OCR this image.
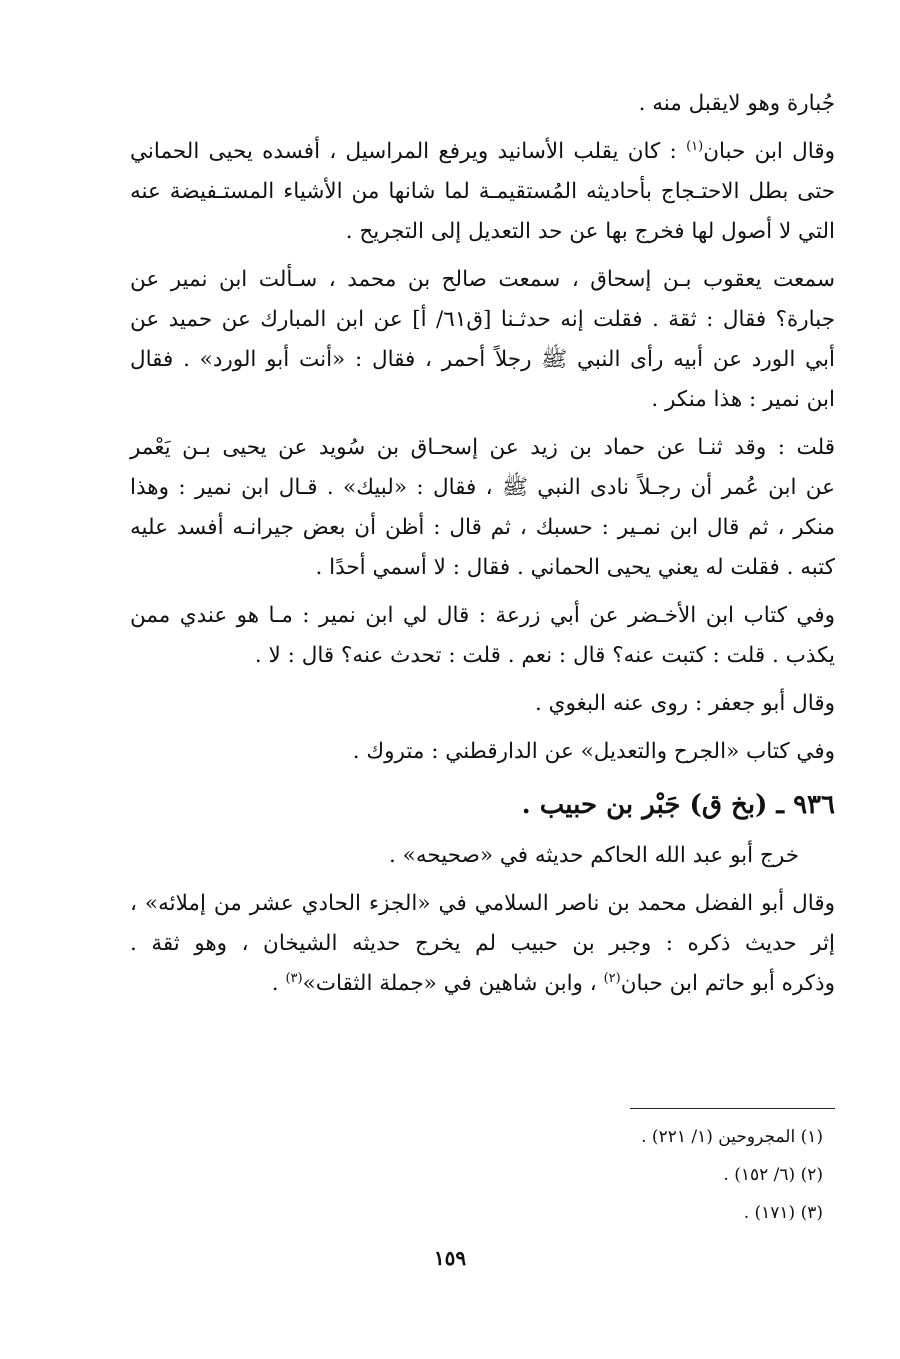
جُبارة وهو لايقبل منه .

وقال ابن حبان$^{(١)}$ : كان يقلب الأسانيد ويرفع المراسيل ، أفسده يحيى الحماني
حتى بطل الاحتـجاج بأحاديثه المُستقيمـة لما شانها من الأشياء المستـفيضة عنه
التي لا أصول لها فخرج بها عن حد التعديل إلى التجريح .

سمعت يعقوب بـن إسحاق ، سمعت صالح بن محمد ، سـألت ابن نمير عن
جبارة؟ فقال : ثقة . فقلت إنه حدثـنا [ق٦١/ أ] عن ابن المبارك عن حميد عن
أبي الورد عن أبيه رأى النبي ﷺ رجلاً أحمر ، فقال : «أنت أبو الورد» . فقال
ابن نمير : هذا منكر .

قلت : وقد ثنـا عن حماد بن زيد عن إسحـاق بن سُويد عن يحيى بـن يَعْمر
عن ابن عُمر أن رجـلاً نادى النبي ﷺ ، فقال : «لبيك» . قـال ابن نمير : وهذا
منكر ، ثم قال ابن نمـير : حسبك ، ثم قال : أظن أن بعض جيرانـه أفسد عليه
كتبه . فقلت له يعني يحيى الحماني . فقال : لا أسمي أحدًا .

وفي كتاب ابن الأخـضر عن أبي زرعة : قال لي ابن نمير : مـا هو عندي ممن
يكذب . قلت : كتبت عنه؟ قال : نعم . قلت : تحدث عنه؟ قال : لا .

وقال أبو جعفر : روى عنه البغوي .

وفي كتاب «الجرح والتعديل» عن الدارقطني : متروك .

٩٣٦ ـ (بخ ق) جَبْر بن حبيب .

خرج أبو عبد الله الحاكم حديثه في «صحيحه» .

وقال أبو الفضل محمد بن ناصر السلامي في «الجزء الحادي عشر من إملائه» ،
إثر حديث ذكره : وجبر بن حبيب لم يخرج حديثه الشيخان ، وهو ثقة .
وذكره أبو حاتم ابن حبان$^{(٢)}$ ، وابن شاهين في «جملة الثقات»$^{(٣)}$ .

(١) المجروحين (١/ ٢٢١) .
(٢) (٦/ ١٥٢) .
(٣) (١٧١) .
١٥٩
